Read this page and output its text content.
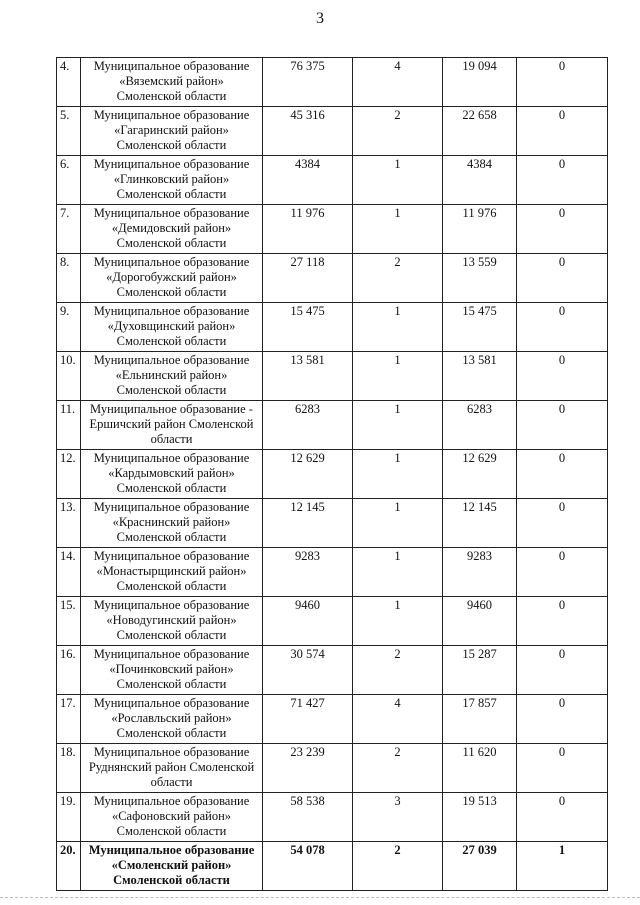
3
4.	Муниципальное образование
«Вяземский район»
Смоленской области	76 375	4	19 094	0
5.	Муниципальное образование
«Гагаринский район»
Смоленской области	45 316	2	22 658	0
6.	Муниципальное образование
«Глинковский район»
Смоленской области	4384	1	4384	0
7.	Муниципальное образование
«Демидовский район»
Смоленской области	11 976	1	11 976	0
8.	Муниципальное образование
«Дорогобужский район»
Смоленской области	27 118	2	13 559	0
9.	Муниципальное образование
«Духовщинский район»
Смоленской области	15 475	1	15 475	0
10.	Муниципальное образование
«Ельнинский район»
Смоленской области	13 581	1	13 581	0
11.	Муниципальное образование -
Ершичский район Смоленской
области	6283	1	6283	0
12.	Муниципальное образование
«Кардымовский район»
Смоленской области	12 629	1	12 629	0
13.	Муниципальное образование
«Краснинский район»
Смоленской области	12 145	1	12 145	0
14.	Муниципальное образование
«Монастырщинский район»
Смоленской области	9283	1	9283	0
15.	Муниципальное образование
«Новодугинский район»
Смоленской области	9460	1	9460	0
16.	Муниципальное образование
«Починковский район»
Смоленской области	30 574	2	15 287	0
17.	Муниципальное образование
«Рославльский район»
Смоленской области	71 427	4	17 857	0
18.	Муниципальное образование
Руднянский район Смоленской
области	23 239	2	11 620	0
19.	Муниципальное образование
«Сафоновский район»
Смоленской области	58 538	3	19 513	0
20.	Муниципальное образование
«Смоленский район»
Смоленской области	54 078	2	27 039	1
